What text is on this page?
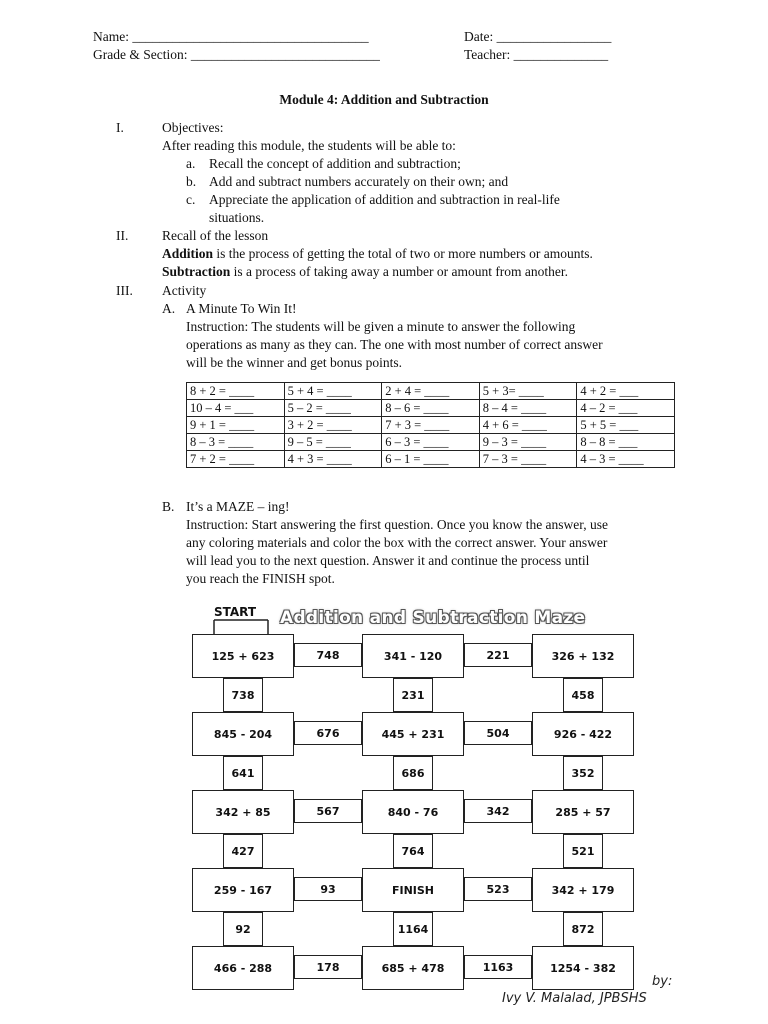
Name: ___________________________________	Date: _________________
Grade & Section: ____________________________	Teacher: ______________
Module 4: Addition and Subtraction
I.	Objectives:
After reading this module, the students will be able to:
a. Recall the concept of addition and subtraction;
b. Add and subtract numbers accurately on their own; and
c. Appreciate the application of addition and subtraction in real-life
situations.
II. Recall of the lesson
Addition is the process of getting the total of two or more numbers or amounts.
Subtraction is a process of taking away a number or amount from another.
III. Activity
A. A Minute To Win It!
Instruction: The students will be given a minute to answer the following
operations as many as they can. The one with most number of correct answer
will be the winner and get bonus points.
8 + 2 = ____	5 + 4 = ____	2 + 4 = ____	5 + 3= ____	4 + 2 = ___
10 – 4 = ___	5 – 2 = ____	8 – 6 = ____	8 – 4 = ____	4 – 2 = ___
9 + 1 = ____	3 + 2 = ____	7 + 3 = ____	4 + 6 = ____	5 + 5 = ___
8 – 3 = ____	9 – 5 = ____	6 – 3 = ____	9 – 3 = ____	8 – 8 = ___
7 + 2 = ____	4 + 3 = ____	6 – 1 = ____	7 – 3 = ____	4 – 3 = ____
B. It’s a MAZE – ing!
Instruction: Start answering the first question. Once you know the answer, use
any coloring materials and color the box with the correct answer. Your answer
will lead you to the next question. Answer it and continue the process until
you reach the FINISH spot.
START Addition and Subtraction Maze
125 + 623	748	341 - 120	221	326 + 132
845 - 204	676	445 + 231	504	926 - 422
342 + 85	567	840 - 76	342	285 + 57
259 - 167	93	FINISH	523	342 + 179
466 - 288	178	685 + 478	1163	1254 - 382
738	231	458
641	686	352
427	764	521
92	1164	872
by:
Ivy V. Malalad, JPBSHS
